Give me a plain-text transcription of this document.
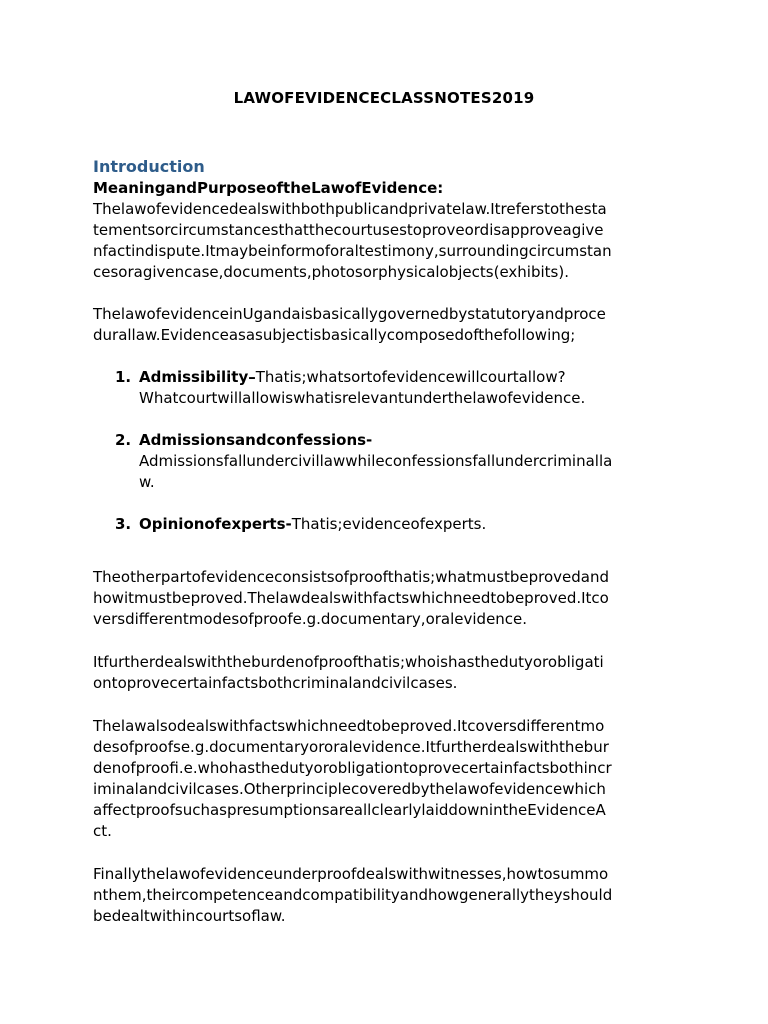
LAWOFEVIDENCECLASSNOTES2019
Introduction
MeaningandPurposeoftheLawofEvidence:
Thelawofevidencedealswithbothpublicandprivatelaw.Itreferstothesta
tementsorcircumstancesthatthecourtusestoproveordisapproveagive
nfactindispute.Itmaybeinformoforaltestimony,surroundingcircumstan
cesoragivencase,documents,photosorphysicalobjects(exhibits).
ThelawofevidenceinUgandaisbasicallygovernedbystatutoryandproce
durallaw.Evidenceasasubjectisbasicallycomposedofthefollowing;
1. Admissibility–Thatis;whatsortofevidencewillcourtallow?
Whatcourtwillallowiswhatisrelevantunderthelawofevidence.
2. Admissionsandconfessions-
Admissionsfallundercivillawwhileconfessionsfallundercriminalla
w.
3. Opinionofexperts-Thatis;evidenceofexperts.
Theotherpartofevidenceconsistsofproofthatis;whatmustbeprovedand
howitmustbeproved.Thelawdealswithfactswhichneedtobeproved.Itco
versdifferentmodesofproofe.g.documentary,oralevidence.
Itfurtherdealswiththeburdenofproofthatis;whoishasthedutyorobligati
ontoprovecertainfactsbothcriminalandcivilcases.
Thelawalsodealswithfactswhichneedtobeproved.Itcoversdifferentmo
desofproofse.g.documentaryororalevidence.Itfurtherdealswiththebur
denofproofi.e.whohasthedutyorobligationtoprovecertainfactsbothincr
iminalandcivilcases.Otherprinciplecoveredbythelawofevidencewhich
affectproofsuchaspresumptionsareallclearlylaiddownintheEvidenceA
ct.
Finallythelawofevidenceunderproofdealswithwitnesses,howtosummo
nthem,theircompetenceandcompatibilityandhowgenerallytheyshould
bedealtwithincourtsoflaw.
